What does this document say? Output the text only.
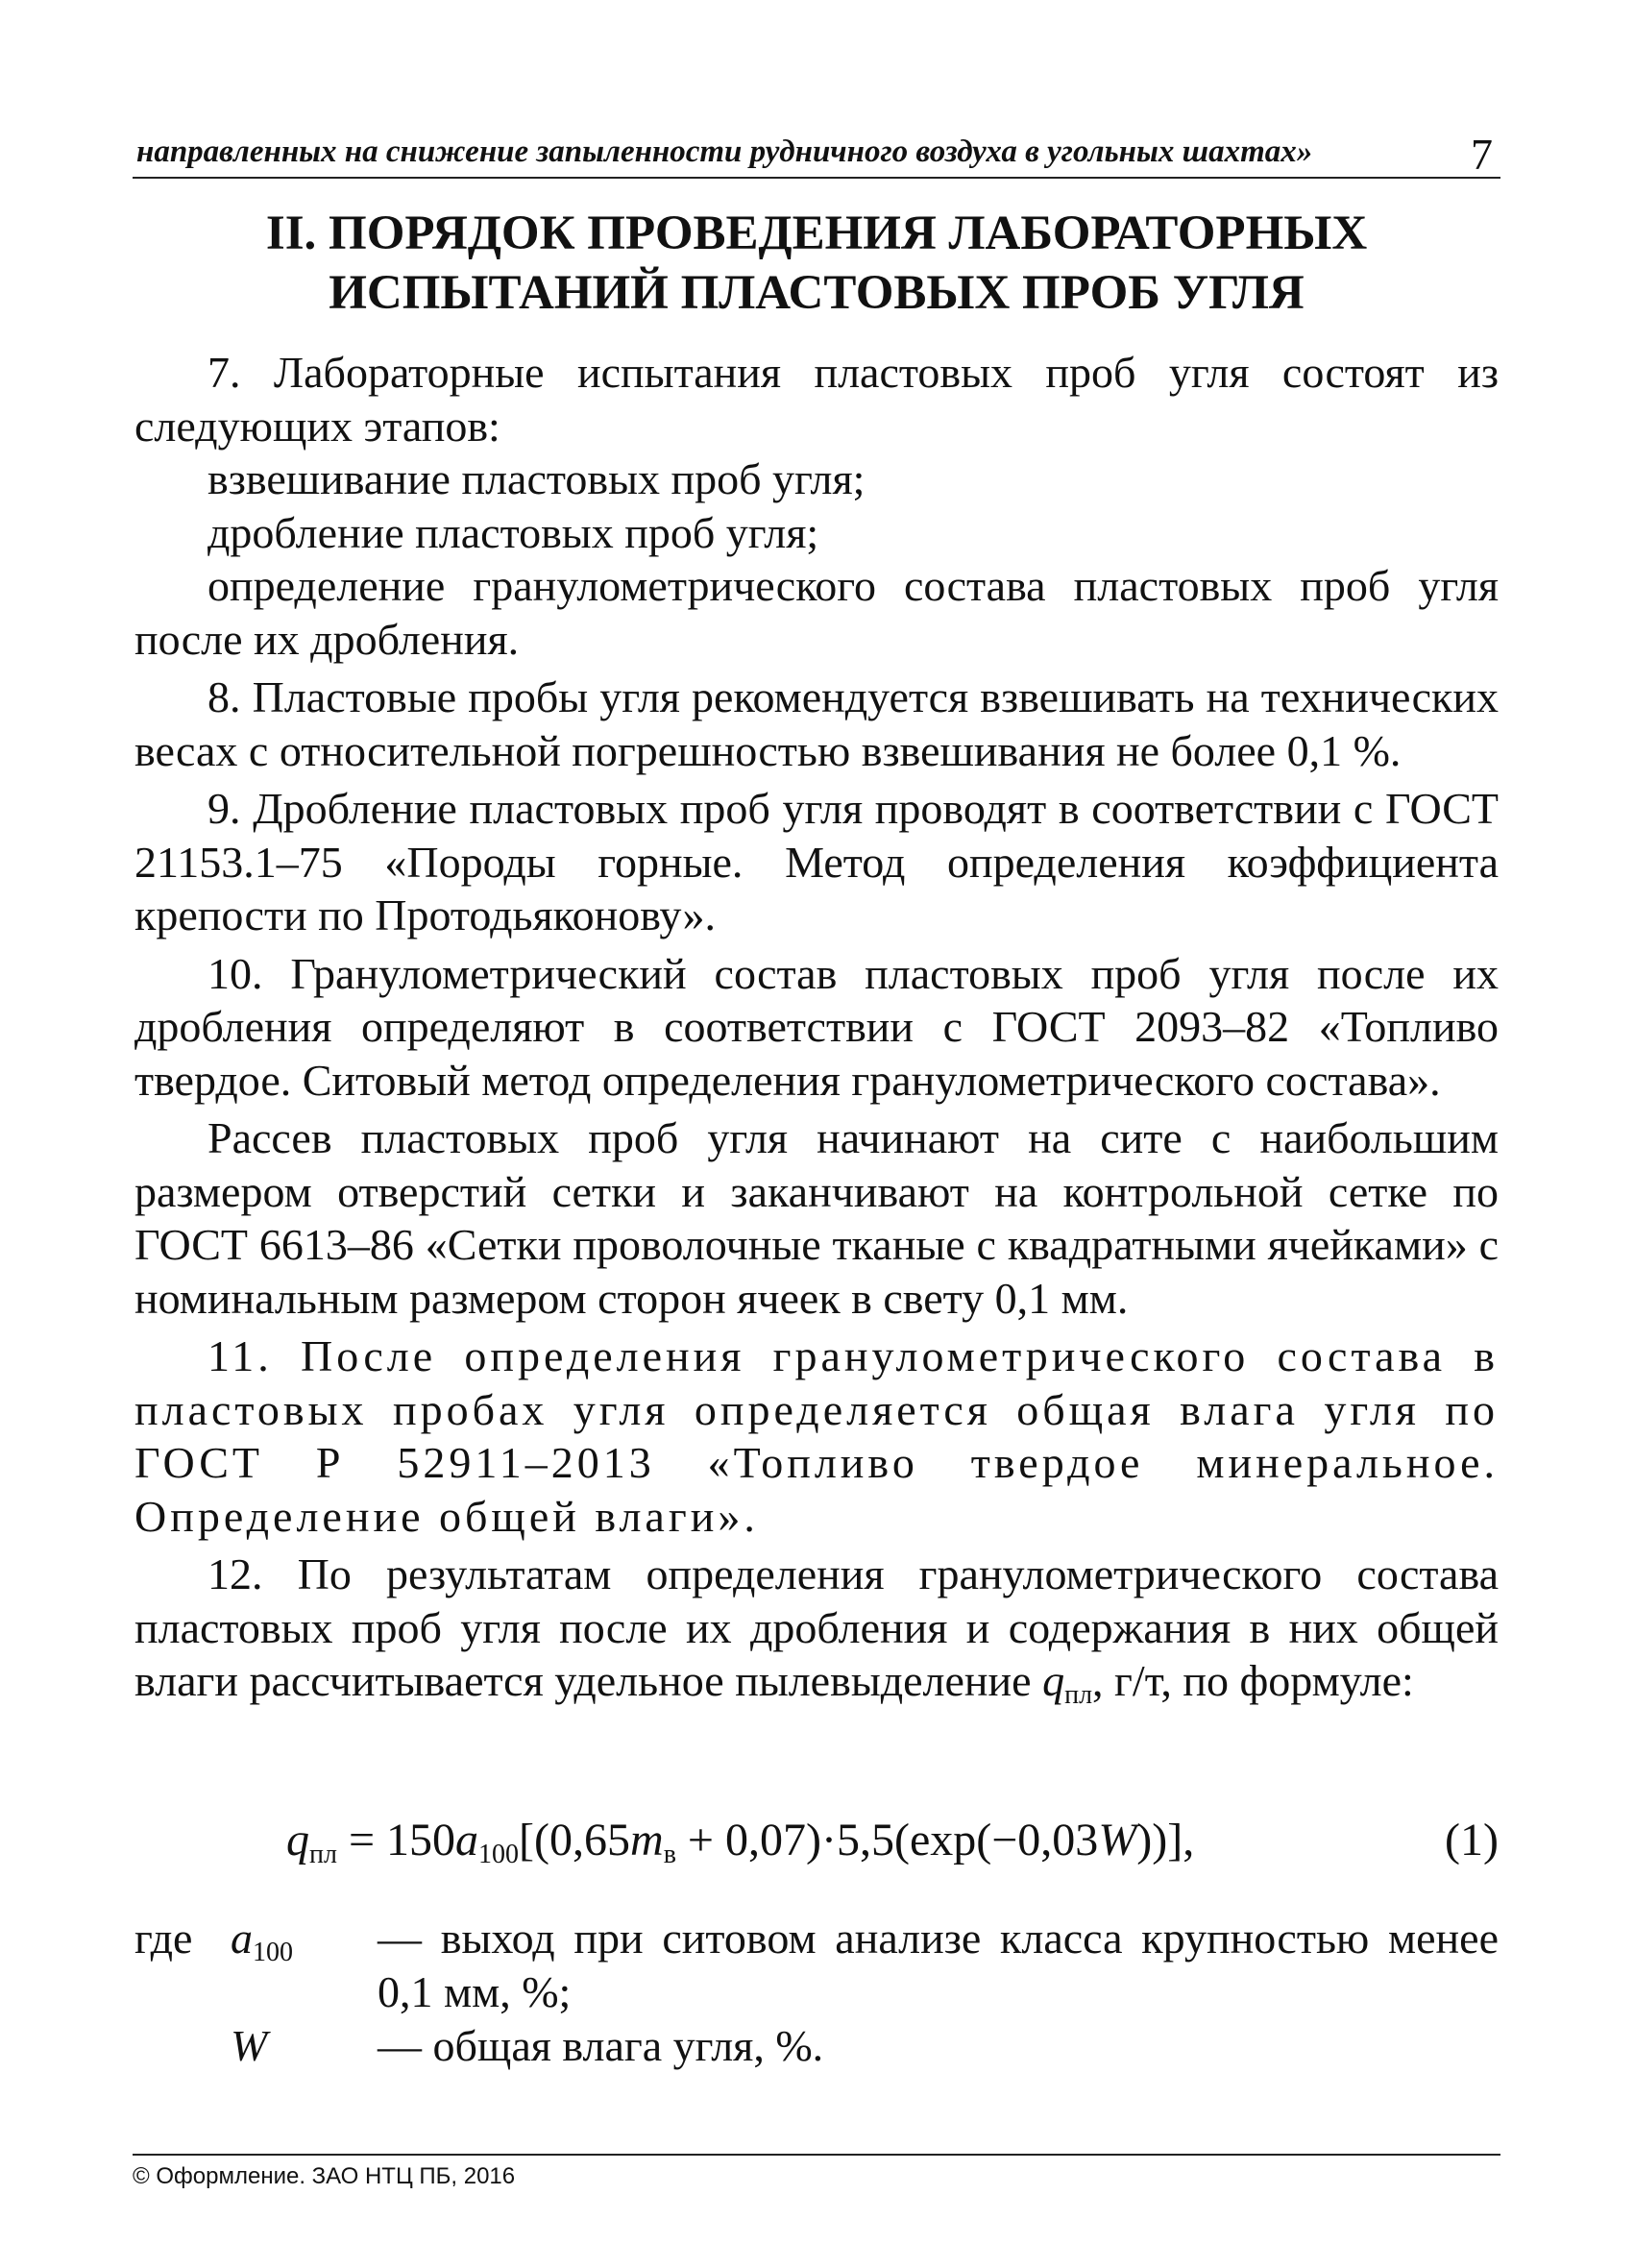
направленных на снижение запыленности рудничного воздуха в угольных шахтах»	7
II. ПОРЯДОК ПРОВЕДЕНИЯ ЛАБОРАТОРНЫХ
ИСПЫТАНИЙ ПЛАСТОВЫХ ПРОБ УГЛЯ

7. Лабораторные испытания пластовых проб угля состоят из следующих этапов:

взвешивание пластовых проб угля;

дробление пластовых проб угля;

определение гранулометрического состава пластовых проб угля после их дробления.

8. Пластовые пробы угля рекомендуется взвешивать на технических весах с относительной погрешностью взвешивания не более 0,1 %.

9. Дробление пластовых проб угля проводят в соответствии с ГОСТ 21153.1–75 «Породы горные. Метод определения коэффициента крепости по Протодьяконову».

10. Гранулометрический состав пластовых проб угля после их дробления определяют в соответствии с ГОСТ 2093–82 «Топливо твердое. Ситовый метод определения гранулометрического состава».

Рассев пластовых проб угля начинают на сите с наибольшим размером отверстий сетки и заканчивают на контрольной сетке по ГОСТ 6613–86 «Сетки проволочные тканые с квадратными ячейками» с номинальным размером сторон ячеек в свету 0,1 мм.

11. После определения гранулометрического состава в пластовых пробах угля определяется общая влага угля по ГОСТ Р 52911–2013 «Топливо твердое минеральное. Определение общей влаги».

12. По результатам определения гранулометрического состава пластовых проб угля после их дробления и содержания в них общей влаги рассчитывается удельное пылевыделение $q_{пл}$, г/т, по формуле:

$q_{пл} = 150a_{100}[(0,65m_в + 0,07)\cdot 5,5(\exp(-0,03W))]$,	(1)
где $a_{100}$ — выход при ситовом анализе класса крупностью менее 0,1 мм, %;
W — общая влага угля, %.
© Оформление. ЗАО НТЦ ПБ, 2016
